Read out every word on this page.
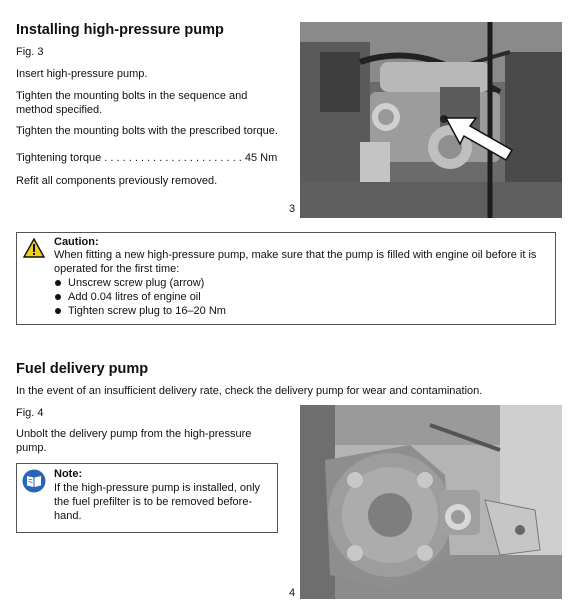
Installing high-pressure pump
Fig. 3
Insert high-pressure pump.
Tighten the mounting bolts in the sequence and method specified.
Tighten the mounting bolts with the prescribed torque.
Tightening torque . . . . . . . . . . . . . . . . . . . . . . . 45 Nm
Refit all components previously removed.
3
Caution:
When fitting a new high-pressure pump, make sure that the pump is filled with engine oil before it is operated for the first time:
Unscrew screw plug (arrow)
Add 0.04 litres of engine oil
Tighten screw plug to 16–20 Nm
Fuel delivery pump
In the event of an insufficient delivery rate, check the delivery pump for wear and contamination.
Fig. 4
Unbolt the delivery pump from the high-pressure pump.
Note:
If the high-pressure pump is installed, only the fuel prefilter is to be removed before-hand.
4
